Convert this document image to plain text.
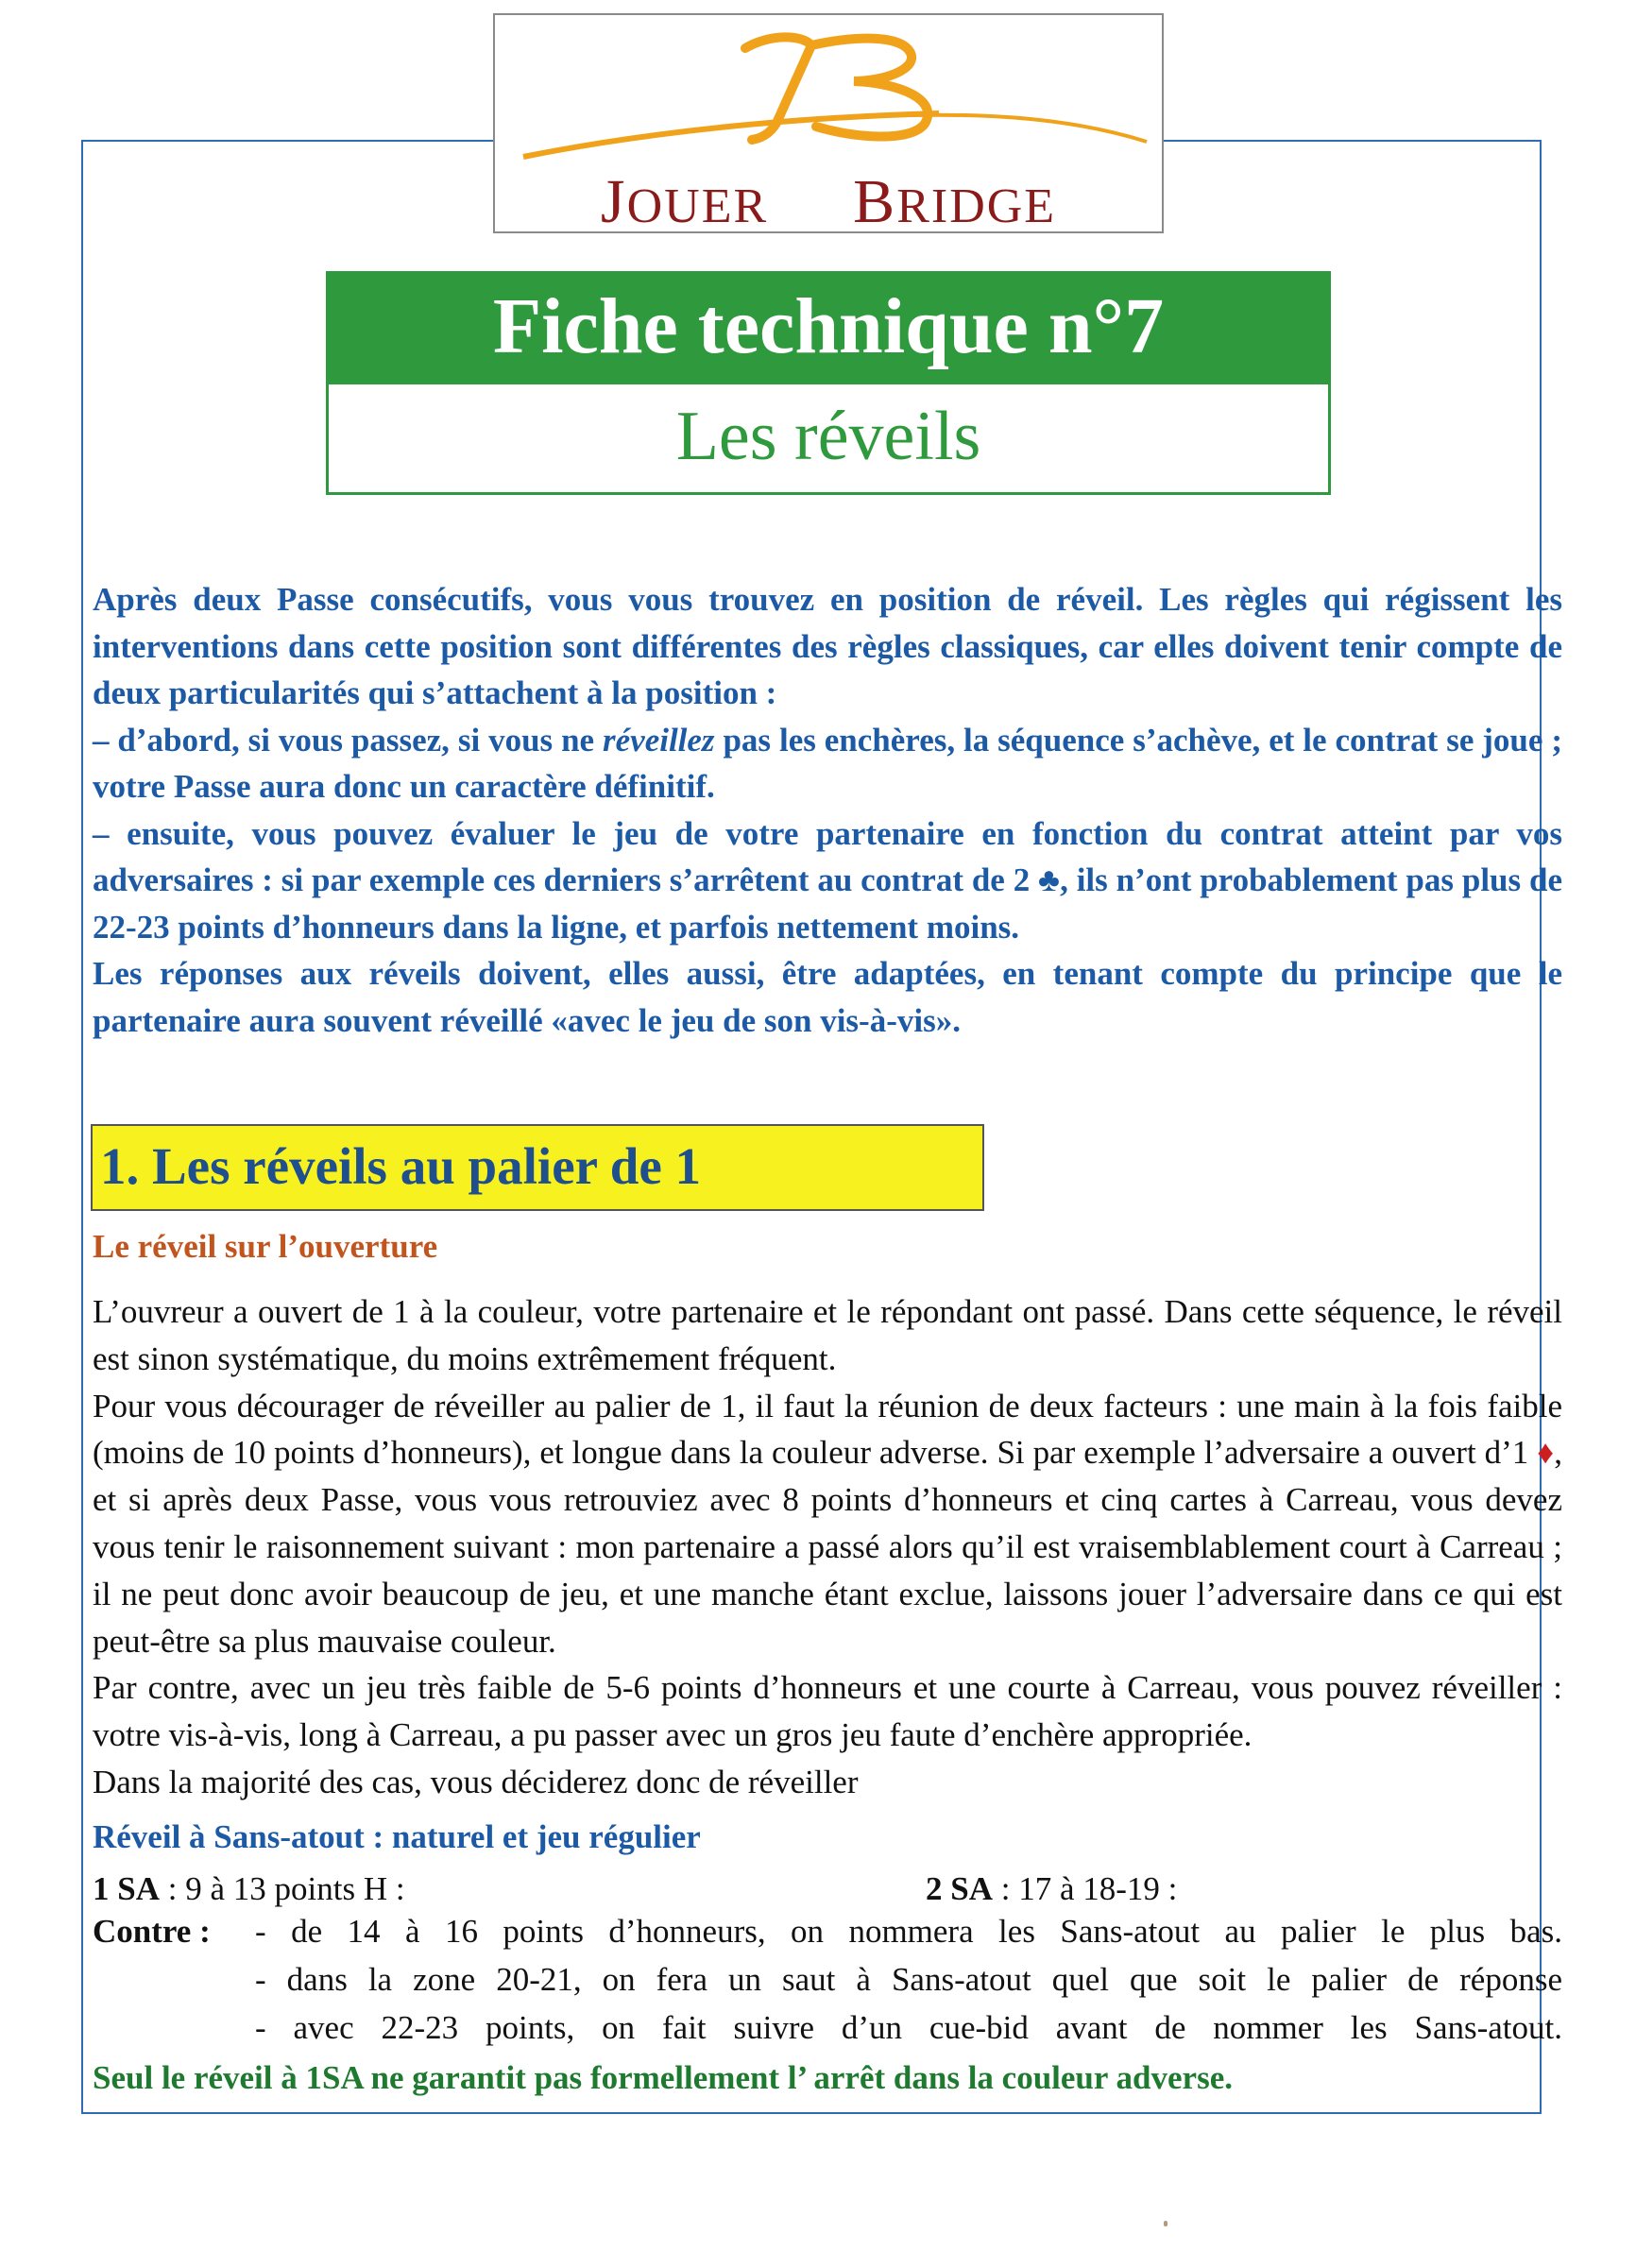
JOUER BRIDGE
Fiche technique n°7
Les réveils

Après deux Passe consécutifs, vous vous trouvez en position de réveil. Les règles qui régissent les interventions dans cette position sont différentes des règles classiques, car elles doivent tenir compte de deux particularités qui s’attachent à la position :

– d’abord, si vous passez, si vous ne réveillez pas les enchères, la séquence s’achève, et le contrat se joue ; votre Passe aura donc un caractère définitif.

– ensuite, vous pouvez évaluer le jeu de votre partenaire en fonction du contrat atteint par vos adversaires : si par exemple ces derniers s’arrêtent au contrat de 2 ♣, ils n’ont probablement pas plus de 22-23 points d’honneurs dans la ligne, et parfois nettement moins.

Les réponses aux réveils doivent, elles aussi, être adaptées, en tenant compte du principe que le partenaire aura souvent réveillé «avec le jeu de son vis-à-vis».

1. Les réveils au palier de 1
Le réveil sur l’ouverture

L’ouvreur a ouvert de 1 à la couleur, votre partenaire et le répondant ont passé. Dans cette séquence, le réveil est sinon systématique, du moins extrêmement fréquent.

Pour vous décourager de réveiller au palier de 1, il faut la réunion de deux facteurs : une main à la fois faible (moins de 10 points d’honneurs), et longue dans la couleur adverse. Si par exemple l’adversaire a ouvert d’1 ♦, et si après deux Passe, vous vous retrouviez avec 8 points d’honneurs et cinq cartes à Carreau, vous devez vous tenir le raisonnement suivant : mon partenaire a passé alors qu’il est vraisemblablement court à Carreau ; il ne peut donc avoir beaucoup de jeu, et une manche étant exclue, laissons jouer l’adversaire dans ce qui est peut-être sa plus mauvaise couleur.

Par contre, avec un jeu très faible de 5-6 points d’honneurs et une courte à Carreau, vous pouvez réveiller : votre vis-à-vis, long à Carreau, a pu passer avec un gros jeu faute d’enchère appropriée.

Dans la majorité des cas, vous déciderez donc de réveiller

Réveil à Sans-atout : naturel et jeu régulier
1 SA : 9 à 13 points H :	2 SA : 17 à 18-19 :
Contre : - de 14 à 16 points d’honneurs, on nommera les Sans-atout au palier le plus bas.
- dans la zone 20-21, on fera un saut à Sans-atout quel que soit le palier de réponse
- avec 22-23 points, on fait suivre d’un cue-bid avant de nommer les Sans-atout.
Seul le réveil à 1SA ne garantit pas formellement l’ arrêt dans la couleur adverse.
